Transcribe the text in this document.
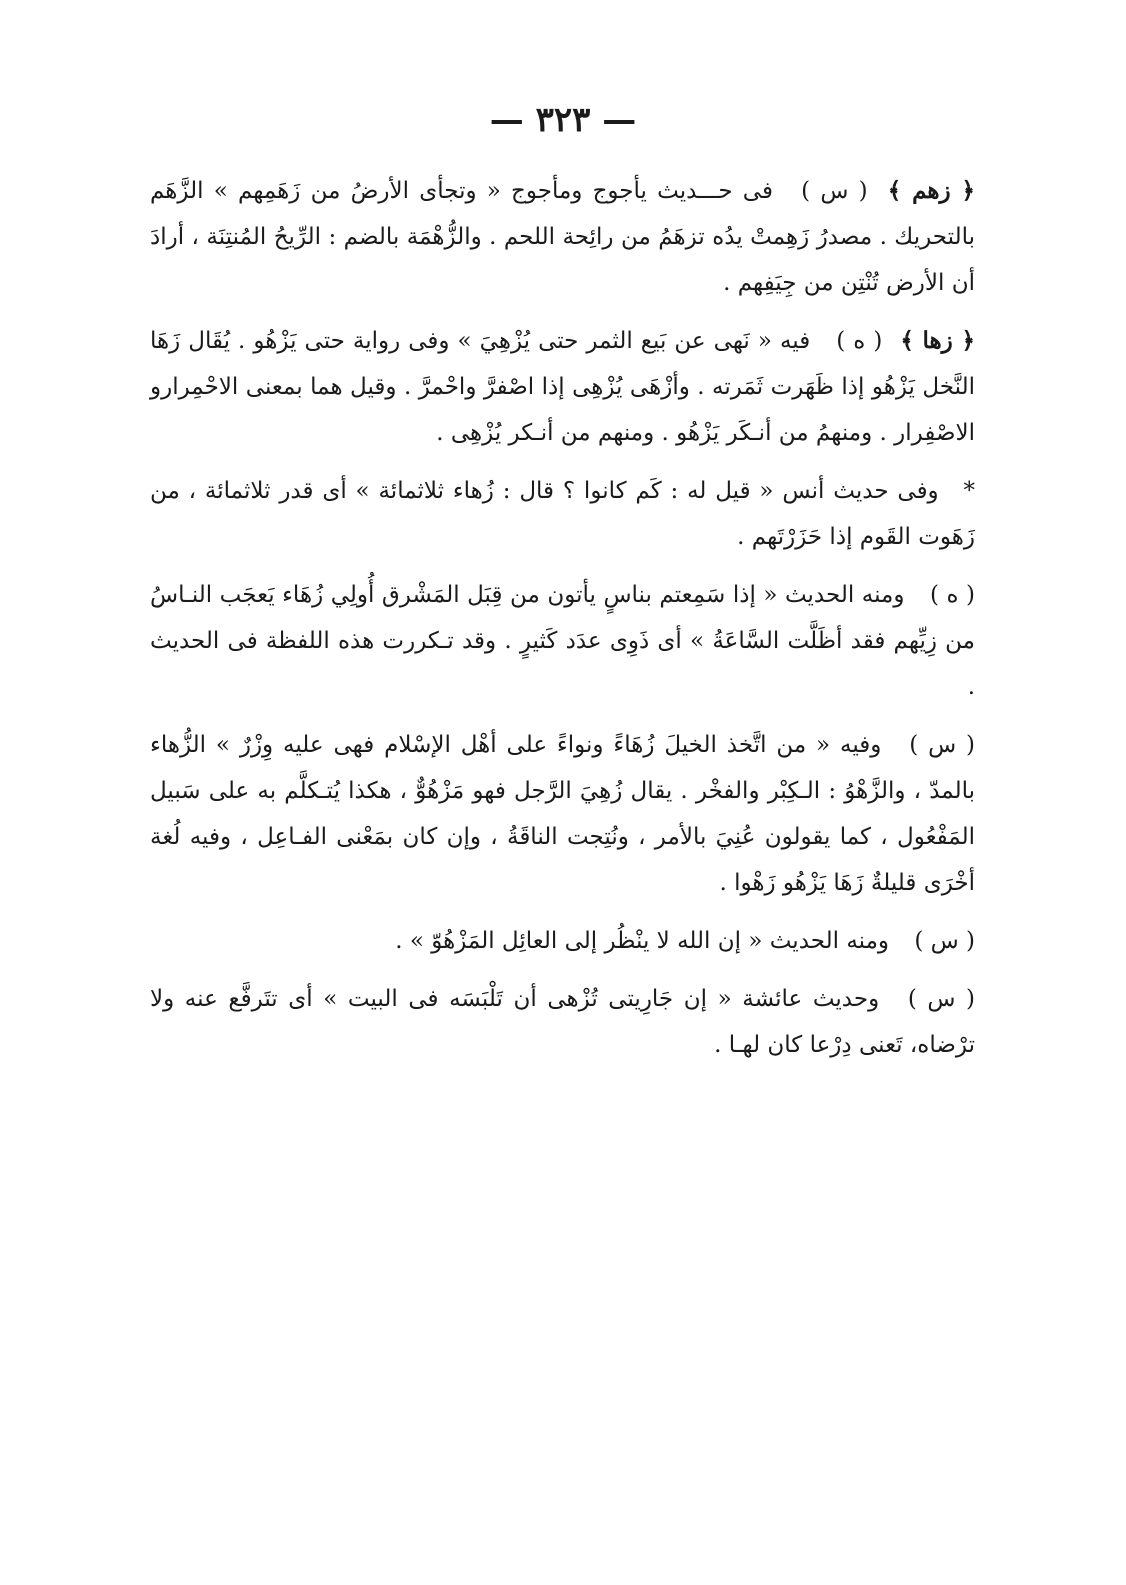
— ٣٢٣ —

﴿ زهم ﴾ ( س ) فى حـــديث يأجوج ومأجوج « وتجأى الأرضُ من زَهَمِهم » الزَّهَم بالتحريك . مصدرُ زَهِمتْ يدُه تزهَمُ من رائِحة اللحم . والزُّهْمَة بالضم : الرِّيحُ المُنتِنَة ، أرادَ أن الأرض تُنْتِن من جِيَفِهم .

﴿ زها ﴾ ( ه ) فيه « نَهى عن بَيع الثمر حتى يُزْهِيَ » وفى رواية حتى يَزْهُو . يُقَال زَهَا النَّخل يَزْهُو إذا ظَهَرت ثَمَرته . وأزْهَى يُزْهِى إذا اصْفرَّ واحْمرَّ . وقيل هما بمعنى الاحْمِرارو الاصْفِرار . ومنهمُ من أنـكَر يَزْهُو . ومنهم من أنـكر يُزْهِى .

* وفى حديث أنس « قيل له : كَم كانوا ؟ قال : زُهاء ثلاثمائة » أى قدر ثلاثمائة ، من زَهَوت القَوم إذا حَزَرْتَهم .

( ه ) ومنه الحديث « إذا سَمِعتم بناسٍ يأتون من قِبَل المَشْرق أُولِي زُهَاء يَعجَب النـاسُ من زِيِّهم فقد أظَلَّت السَّاعَةُ » أى ذَوِى عدَد كَثيرٍ . وقد تـكررت هذه اللفظة فى الحديث .

( س ) وفيه « من اتَّخذ الخيلَ زُهَاءً ونواءً على أهْل الإسْلام فهى عليه وِزْرٌ » الزُّهاء بالمدّ ، والزَّهْوُ : الـكِبْر والفخْر . يقال زُهِيَ الرَّجل فهو مَزْهُوٌّ ، هكذا يُتـكلَّم به على سَبيل المَفْعُول ، كما يقولون عُنِيَ بالأمر ، ونُتِجت الناقَةُ ، وإن كان بمَعْنى الفـاعِل ، وفيه لُغة أخْرَى قليلةٌ زَهَا يَزْهُو زَهْوا .

( س ) ومنه الحديث « إن الله لا ينْظُر إلى العائِل المَزْهُوّ » .

( س ) وحديث عائشة « إن جَارِيتى تُزْهى أن تَلْبَسَه فى البيت » أى تتَرفَّع عنه ولا ترْضاه، تَعنى دِرْعا كان لهـا .
